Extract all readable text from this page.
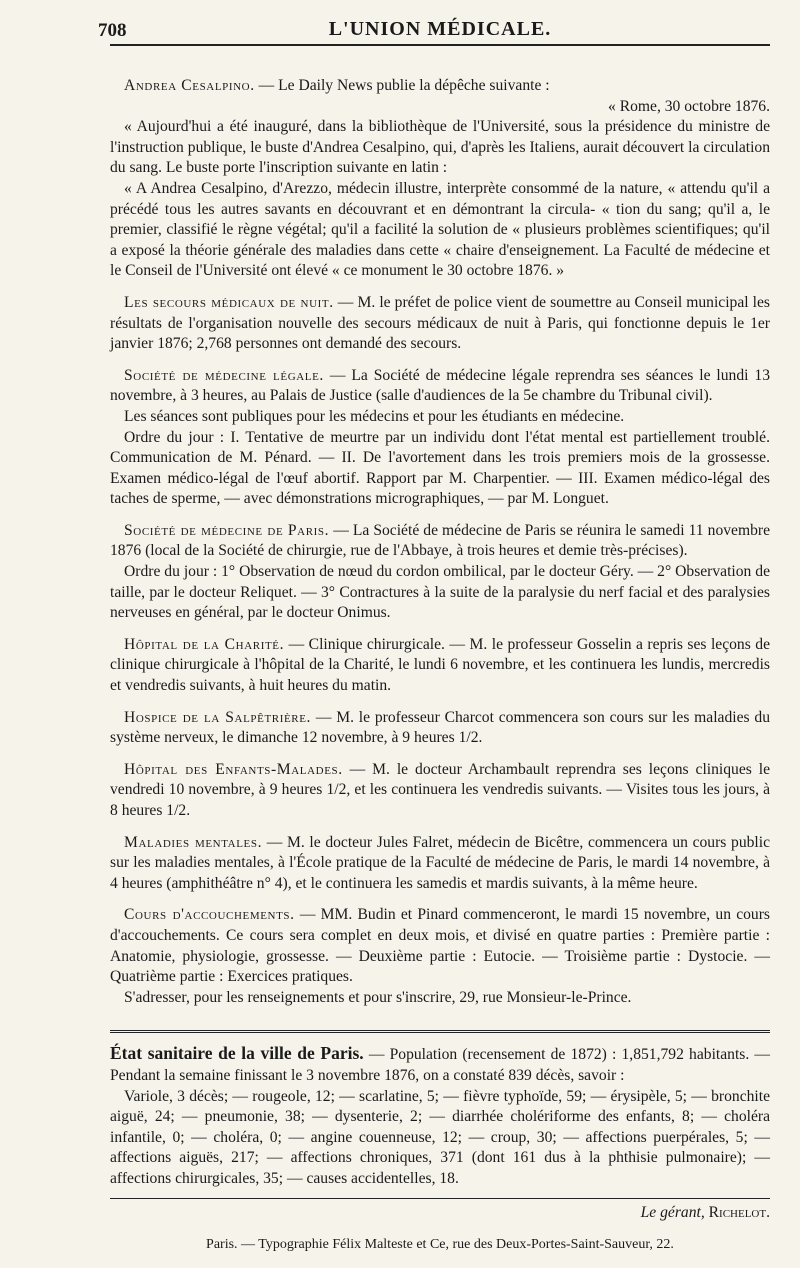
708	L'UNION MÉDICALE.

Andrea Cesalpino. — Le Daily News publie la dépêche suivante :

« Rome, 30 octobre 1876.

« Aujourd'hui a été inauguré, dans la bibliothèque de l'Université, sous la présidence du ministre de l'instruction publique, le buste d'Andrea Cesalpino, qui, d'après les Italiens, aurait découvert la circulation du sang. Le buste porte l'inscription suivante en latin :

« A Andrea Cesalpino, d'Arezzo, médecin illustre, interprète consommé de la nature, « attendu qu'il a précédé tous les autres savants en découvrant et en démontrant la circula- « tion du sang; qu'il a, le premier, classifié le règne végétal; qu'il a facilité la solution de « plusieurs problèmes scientifiques; qu'il a exposé la théorie générale des maladies dans cette « chaire d'enseignement. La Faculté de médecine et le Conseil de l'Université ont élevé « ce monument le 30 octobre 1876. »

Les secours médicaux de nuit. — M. le préfet de police vient de soumettre au Conseil municipal les résultats de l'organisation nouvelle des secours médicaux de nuit à Paris, qui fonctionne depuis le 1er janvier 1876; 2,768 personnes ont demandé des secours.

Société de médecine légale. — La Société de médecine légale reprendra ses séances le lundi 13 novembre, à 3 heures, au Palais de Justice (salle d'audiences de la 5e chambre du Tribunal civil).

Les séances sont publiques pour les médecins et pour les étudiants en médecine.

Ordre du jour : I. Tentative de meurtre par un individu dont l'état mental est partiellement troublé. Communication de M. Pénard. — II. De l'avortement dans les trois premiers mois de la grossesse. Examen médico-légal de l'œuf abortif. Rapport par M. Charpentier. — III. Examen médico-légal des taches de sperme, — avec démonstrations micrographiques, — par M. Longuet.

Société de médecine de Paris. — La Société de médecine de Paris se réunira le samedi 11 novembre 1876 (local de la Société de chirurgie, rue de l'Abbaye, à trois heures et demie très-précises).

Ordre du jour : 1° Observation de nœud du cordon ombilical, par le docteur Géry. — 2° Observation de taille, par le docteur Reliquet. — 3° Contractures à la suite de la paralysie du nerf facial et des paralysies nerveuses en général, par le docteur Onimus.

Hôpital de la Charité. — Clinique chirurgicale. — M. le professeur Gosselin a repris ses leçons de clinique chirurgicale à l'hôpital de la Charité, le lundi 6 novembre, et les continuera les lundis, mercredis et vendredis suivants, à huit heures du matin.

Hospice de la Salpêtrière. — M. le professeur Charcot commencera son cours sur les maladies du système nerveux, le dimanche 12 novembre, à 9 heures 1/2.

Hôpital des Enfants-Malades. — M. le docteur Archambault reprendra ses leçons cliniques le vendredi 10 novembre, à 9 heures 1/2, et les continuera les vendredis suivants. — Visites tous les jours, à 8 heures 1/2.

Maladies mentales. — M. le docteur Jules Falret, médecin de Bicêtre, commencera un cours public sur les maladies mentales, à l'École pratique de la Faculté de médecine de Paris, le mardi 14 novembre, à 4 heures (amphithéâtre n° 4), et le continuera les samedis et mardis suivants, à la même heure.

Cours d'accouchements. — MM. Budin et Pinard commenceront, le mardi 15 novembre, un cours d'accouchements. Ce cours sera complet en deux mois, et divisé en quatre parties : Première partie : Anatomie, physiologie, grossesse. — Deuxième partie : Eutocie. — Troisième partie : Dystocie. — Quatrième partie : Exercices pratiques.

S'adresser, pour les renseignements et pour s'inscrire, 29, rue Monsieur-le-Prince.

État sanitaire de la ville de Paris. — Population (recensement de 1872) : 1,851,792 habitants. — Pendant la semaine finissant le 3 novembre 1876, on a constaté 839 décès, savoir :

Variole, 3 décès; — rougeole, 12; — scarlatine, 5; — fièvre typhoïde, 59; — érysipèle, 5; — bronchite aiguë, 24; — pneumonie, 38; — dysenterie, 2; — diarrhée cholériforme des enfants, 8; — choléra infantile, 0; — choléra, 0; — angine couenneuse, 12; — croup, 30; — affections puerpérales, 5; — affections aiguës, 217; — affections chroniques, 371 (dont 161 dus à la phthisie pulmonaire); — affections chirurgicales, 35; — causes accidentelles, 18.

Le gérant, Richelot.
Paris. — Typographie Félix Malteste et Ce, rue des Deux-Portes-Saint-Sauveur, 22.
